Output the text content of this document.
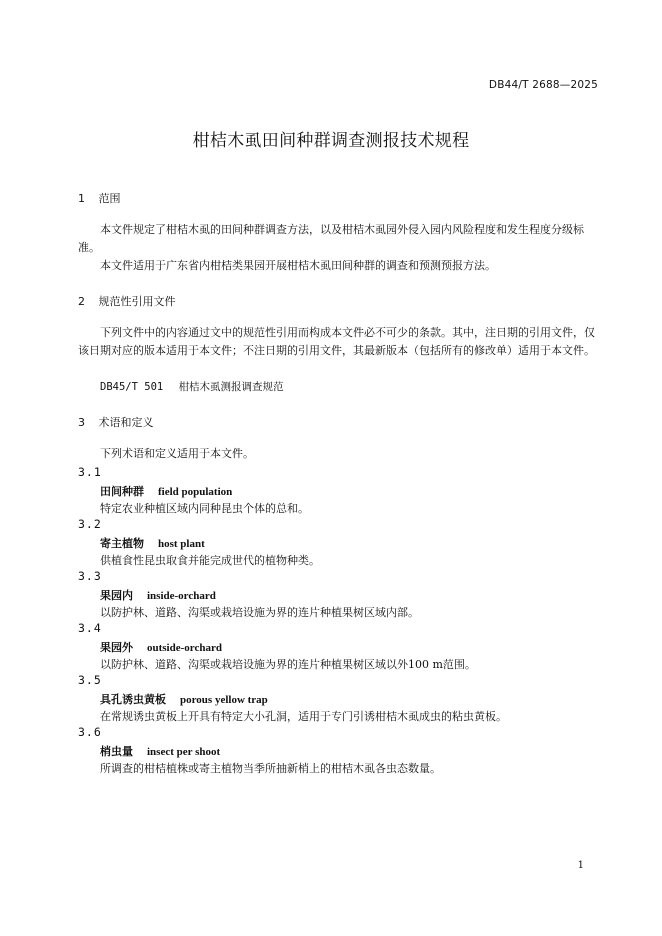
DB44/T 2688—2025
柑桔木虱田间种群调查测报技术规程
1 范围
本文件规定了柑桔木虱的田间种群调查方法，以及柑桔木虱园外侵入园内风险程度和发生程度分级标准。
本文件适用于广东省内柑桔类果园开展柑桔木虱田间种群的调查和预测预报方法。
2 规范性引用文件
下列文件中的内容通过文中的规范性引用而构成本文件必不可少的条款。其中，注日期的引用文件，仅该日期对应的版本适用于本文件；不注日期的引用文件，其最新版本（包括所有的修改单）适用于本文件。
DB45/T 501 柑桔木虱测报调查规范
3 术语和定义
下列术语和定义适用于本文件。
3.1
田间种群 field population
特定农业种植区域内同种昆虫个体的总和。
3.2
寄主植物 host plant
供植食性昆虫取食并能完成世代的植物种类。
3.3
果园内 inside-orchard
以防护林、道路、沟渠或栽培设施为界的连片种植果树区域内部。
3.4
果园外 outside-orchard
以防护林、道路、沟渠或栽培设施为界的连片种植果树区域以外100 m范围。
3.5
具孔诱虫黄板 porous yellow trap
在常规诱虫黄板上开具有特定大小孔洞，适用于专门引诱柑桔木虱成虫的粘虫黄板。
3.6
梢虫量 insect per shoot
所调查的柑桔植株或寄主植物当季所抽新梢上的柑桔木虱各虫态数量。
1
